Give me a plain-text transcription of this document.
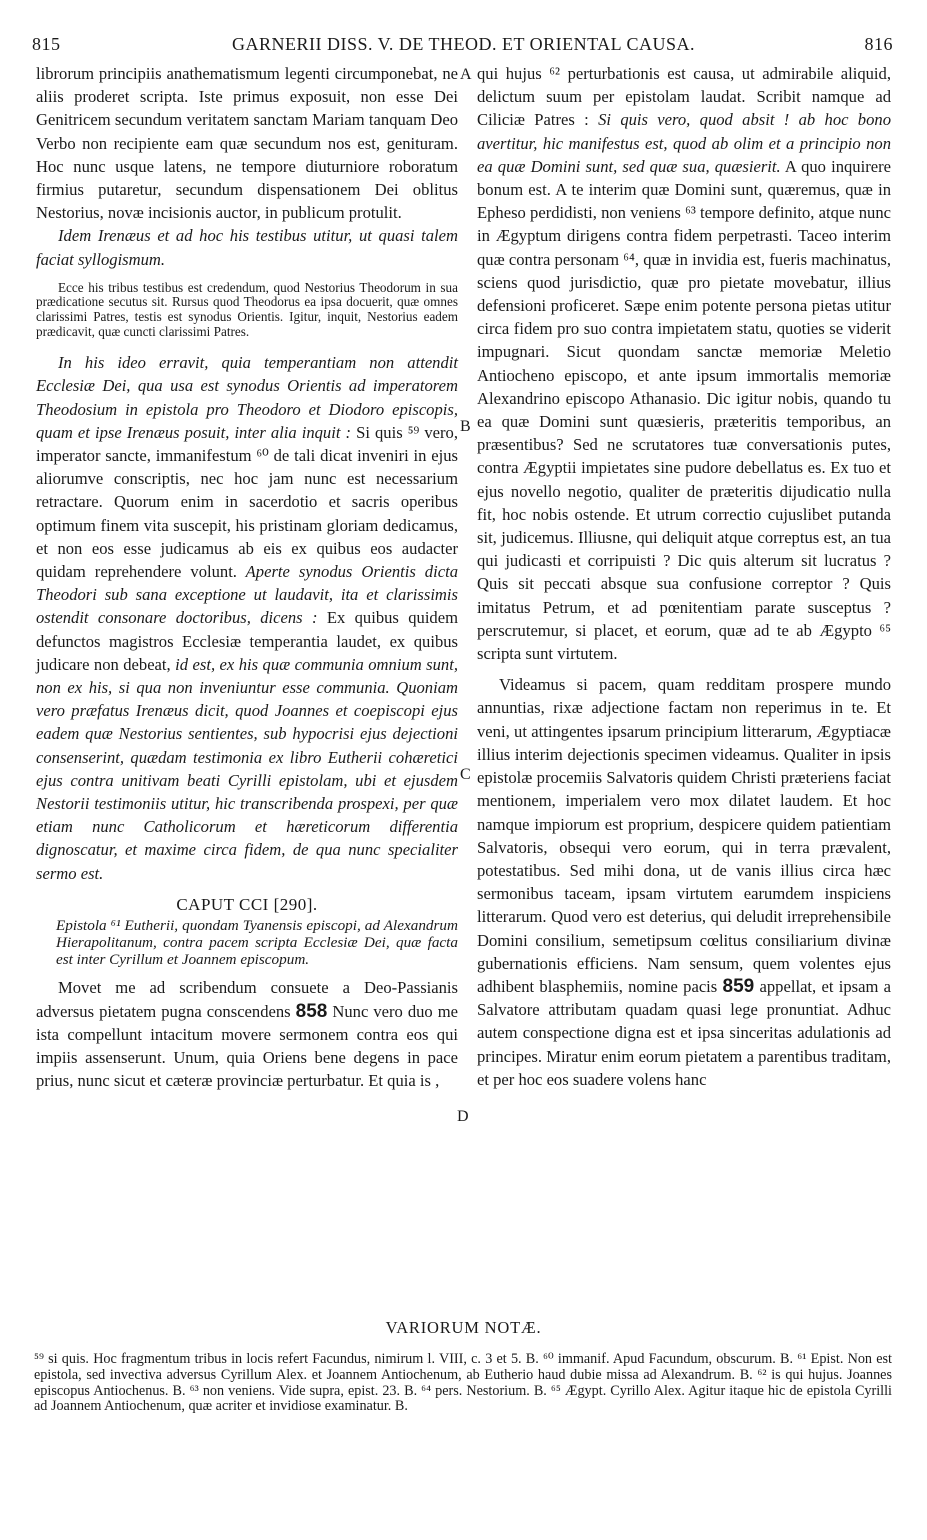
815	GARNERII DISS. V. DE THEOD. ET ORIENTAL CAUSA.	816
A
B
C
D

librorum principiis anathematismum legenti circumponebat, ne aliis proderet scripta. Iste primus exposuit, non esse Dei Genitricem secundum veritatem sanctam Mariam tanquam Deo Verbo non recipiente eam quæ secundum nos est, genituram. Hoc nunc usque latens, ne tempore diuturniore roboratum firmius putaretur, secundum dispensationem Dei oblitus Nestorius, novæ incisionis auctor, in publicum protulit.

Idem Irenæus et ad hoc his testibus utitur, ut quasi talem faciat syllogismum.

Ecce his tribus testibus est credendum, quod Nestorius Theodorum in sua prædicatione secutus sit. Rursus quod Theodorus ea ipsa docuerit, quæ omnes clarissimi Patres, testis est synodus Orientis. Igitur, inquit, Nestorius eadem prædicavit, quæ cuncti clarissimi Patres.

In his ideo erravit, quia temperantiam non attendit Ecclesiæ Dei, qua usa est synodus Orientis ad imperatorem Theodosium in epistola pro Theodoro et Diodoro episcopis, quam et ipse Irenæus posuit, inter alia inquit : Si quis ⁵⁹ vero, imperator sancte, immanifestum ⁶⁰ de tali dicat inveniri in ejus aliorumve conscriptis, nec hoc jam nunc est necessarium retractare. Quorum enim in sacerdotio et sacris operibus optimum finem vita suscepit, his pristinam gloriam dedicamus, et non eos esse judicamus ab eis ex quibus eos audacter quidam reprehendere volunt. Aperte synodus Orientis dicta Theodori sub sana exceptione ut laudavit, ita et clarissimis ostendit consonare doctoribus, dicens : Ex quibus quidem defunctos magistros Ecclesiæ temperantia laudet, ex quibus judicare non debeat, id est, ex his quæ communia omnium sunt, non ex his, si qua non inveniuntur esse communia. Quoniam vero præfatus Irenæus dicit, quod Joannes et coepiscopi ejus eadem quæ Nestorius sentientes, sub hypocrisi ejus dejectioni consenserint, quædam testimonia ex libro Eutherii cohæretici ejus contra unitivam beati Cyrilli epistolam, ubi et ejusdem Nestorii testimoniis utitur, hic transcribenda prospexi, per quæ etiam nunc Catholicorum et hæreticorum differentia dignoscatur, et maxime circa fidem, de qua nunc specialiter sermo est.

CAPUT CCI [290].

Epistola ⁶¹ Eutherii, quondam Tyanensis episcopi, ad Alexandrum Hierapolitanum, contra pacem scripta Ecclesiæ Dei, quæ facta est inter Cyrillum et Joannem episcopum.

Movet me ad scribendum consuete a Deo-Passianis adversus pietatem pugna conscendens 858 Nunc vero duo me ista compellunt intacitum movere sermonem contra eos qui impiis assenserunt. Unum, quia Oriens bene degens in pace prius, nunc sicut et cæteræ provinciæ perturbatur. Et quia is ,

qui hujus ⁶² perturbationis est causa, ut admirabile aliquid, delictum suum per epistolam laudat. Scribit namque ad Ciliciæ Patres : Si quis vero, quod absit ! ab hoc bono avertitur, hic manifestus est, quod ab olim et a principio non ea quæ Domini sunt, sed quæ sua, quæsierit. A quo inquirere bonum est. A te interim quæ Domini sunt, quæremus, quæ in Epheso perdidisti, non veniens ⁶³ tempore definito, atque nunc in Ægyptum dirigens contra fidem perpetrasti. Taceo interim quæ contra personam ⁶⁴, quæ in invidia est, fueris machinatus, sciens quod jurisdictio, quæ pro pietate movebatur, illius defensioni proficeret. Sæpe enim potente persona pietas utitur circa fidem pro suo contra impietatem statu, quoties se viderit impugnari. Sicut quondam sanctæ memoriæ Meletio Antiocheno episcopo, et ante ipsum immortalis memoriæ Alexandrino episcopo Athanasio. Dic igitur nobis, quando tu ea quæ Domini sunt quæsieris, præteritis temporibus, an præsentibus? Sed ne scrutatores tuæ conversationis putes, contra Ægyptii impietates sine pudore debellatus es. Ex tuo et ejus novello negotio, qualiter de præteritis dijudicatio nulla fit, hoc nobis ostende. Et utrum correctio cujuslibet putanda sit, judicemus. Illiusne, qui deliquit atque correptus est, an tua qui judicasti et corripuisti ? Dic quis alterum sit lucratus ? Quis sit peccati absque sua confusione correptor ? Quis imitatus Petrum, et ad pœnitentiam parate susceptus ? perscrutemur, si placet, et eorum, quæ ad te ab Ægypto ⁶⁵ scripta sunt virtutem.

Videamus si pacem, quam redditam prospere mundo annuntias, rixæ adjectione factam non reperimus in te. Et veni, ut attingentes ipsarum principium litterarum, Ægyptiacæ illius interim dejectionis specimen videamus. Qualiter in ipsis epistolæ procemiis Salvatoris quidem Christi præteriens faciat mentionem, imperialem vero mox dilatet laudem. Et hoc namque impiorum est proprium, despicere quidem patientiam Salvatoris, obsequi vero eorum, qui in terra prævalent, potestatibus. Sed mihi dona, ut de vanis illius circa hæc sermonibus taceam, ipsam virtutem earumdem inspiciens litterarum. Quod vero est deterius, qui deludit irreprehensibile Domini consilium, semetipsum cœlitus consiliarium divinæ gubernationis efficiens. Nam sensum, quem volentes ejus adhibent blasphemiis, nomine pacis 859 appellat, et ipsam a Salvatore attributam quadam quasi lege pronuntiat. Adhuc autem conspectione digna est et ipsa sinceritas adulationis ad principes. Miratur enim eorum pietatem a parentibus traditam, et per hoc eos suadere volens hanc

VARIORUM NOTÆ.
⁵⁹ si quis. Hoc fragmentum tribus in locis refert Facundus, nimirum l. VIII, c. 3 et 5. B. ⁶⁰ immanif. Apud Facundum, obscurum. B. ⁶¹ Epist. Non est epistola, sed invectiva adversus Cyrillum Alex. et Joannem Antiochenum, ab Eutherio haud dubie missa ad Alexandrum. B. ⁶² is qui hujus. Joannes episcopus Antiochenus. B. ⁶³ non veniens. Vide supra, epist. 23. B. ⁶⁴ pers. Nestorium. B. ⁶⁵ Ægypt. Cyrillo Alex. Agitur itaque hic de epistola Cyrilli ad Joannem Antiochenum, quæ acriter et invidiose examinatur. B.
